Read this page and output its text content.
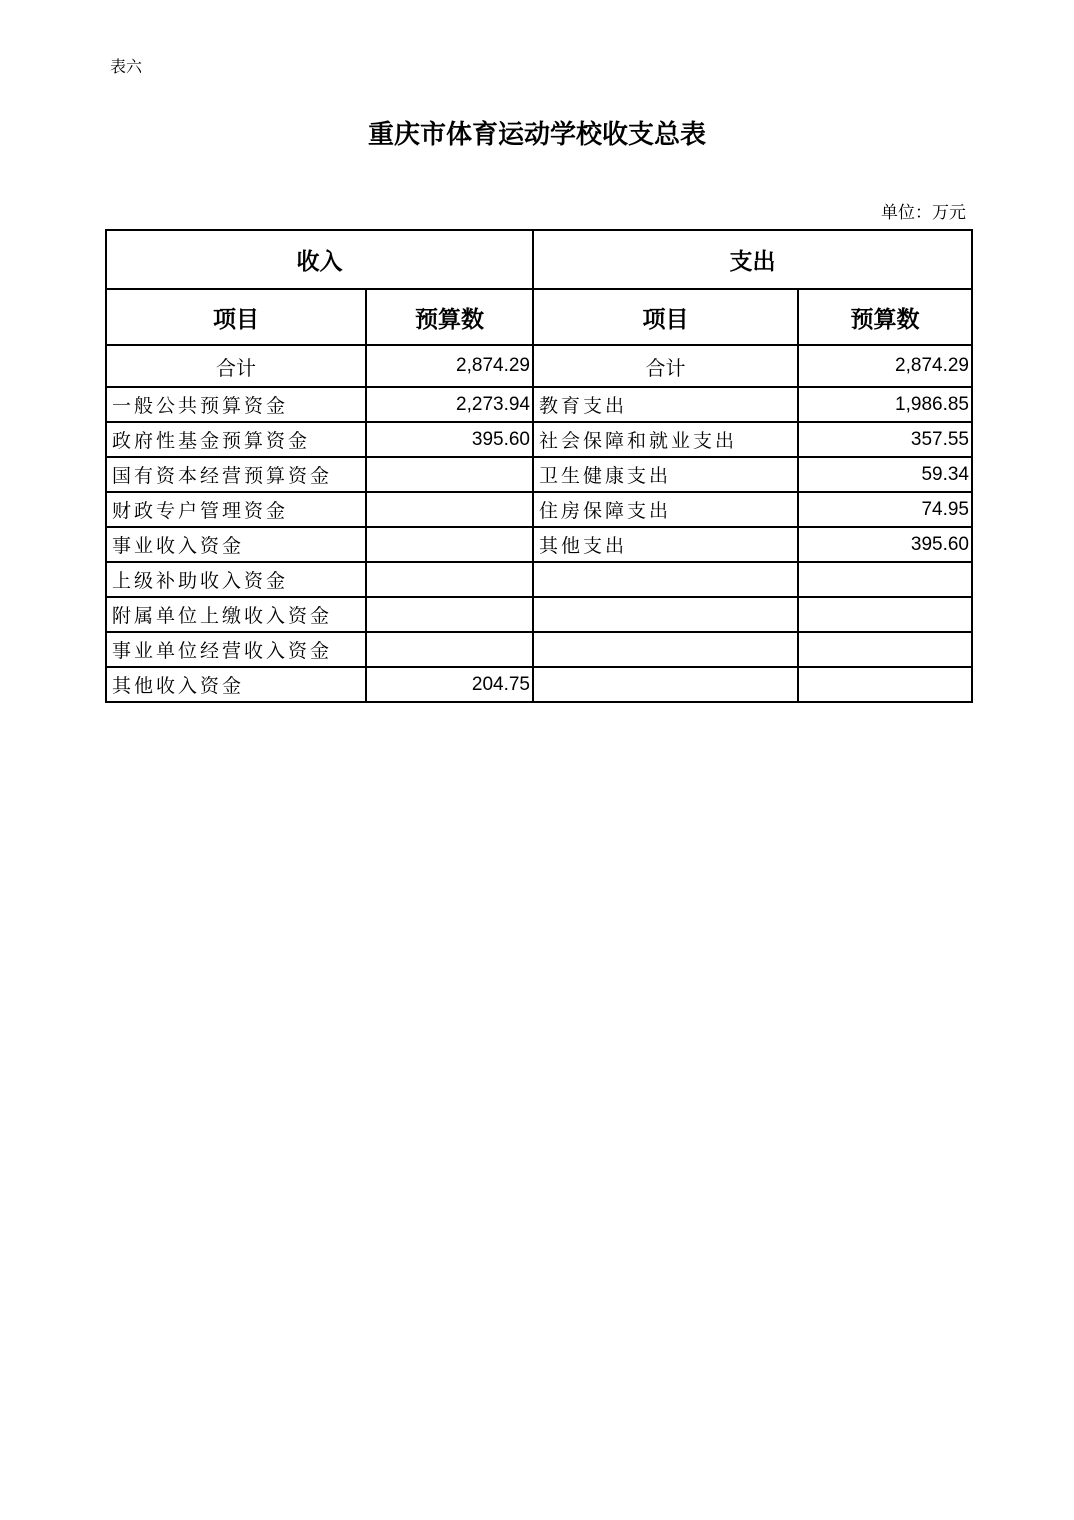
表六
重庆市体育运动学校收支总表
单位：万元
收入		支出	
项目	预算数	项目	预算数
合计	2,874.29	合计	2,874.29
一般公共预算资金	2,273.94	教育支出	1,986.85
政府性基金预算资金	395.60	社会保障和就业支出	357.55
国有资本经营预算资金		卫生健康支出	59.34
财政专户管理资金		住房保障支出	74.95
事业收入资金		其他支出	395.60
上级补助收入资金			
附属单位上缴收入资金			
事业单位经营收入资金			
其他收入资金	204.75		
